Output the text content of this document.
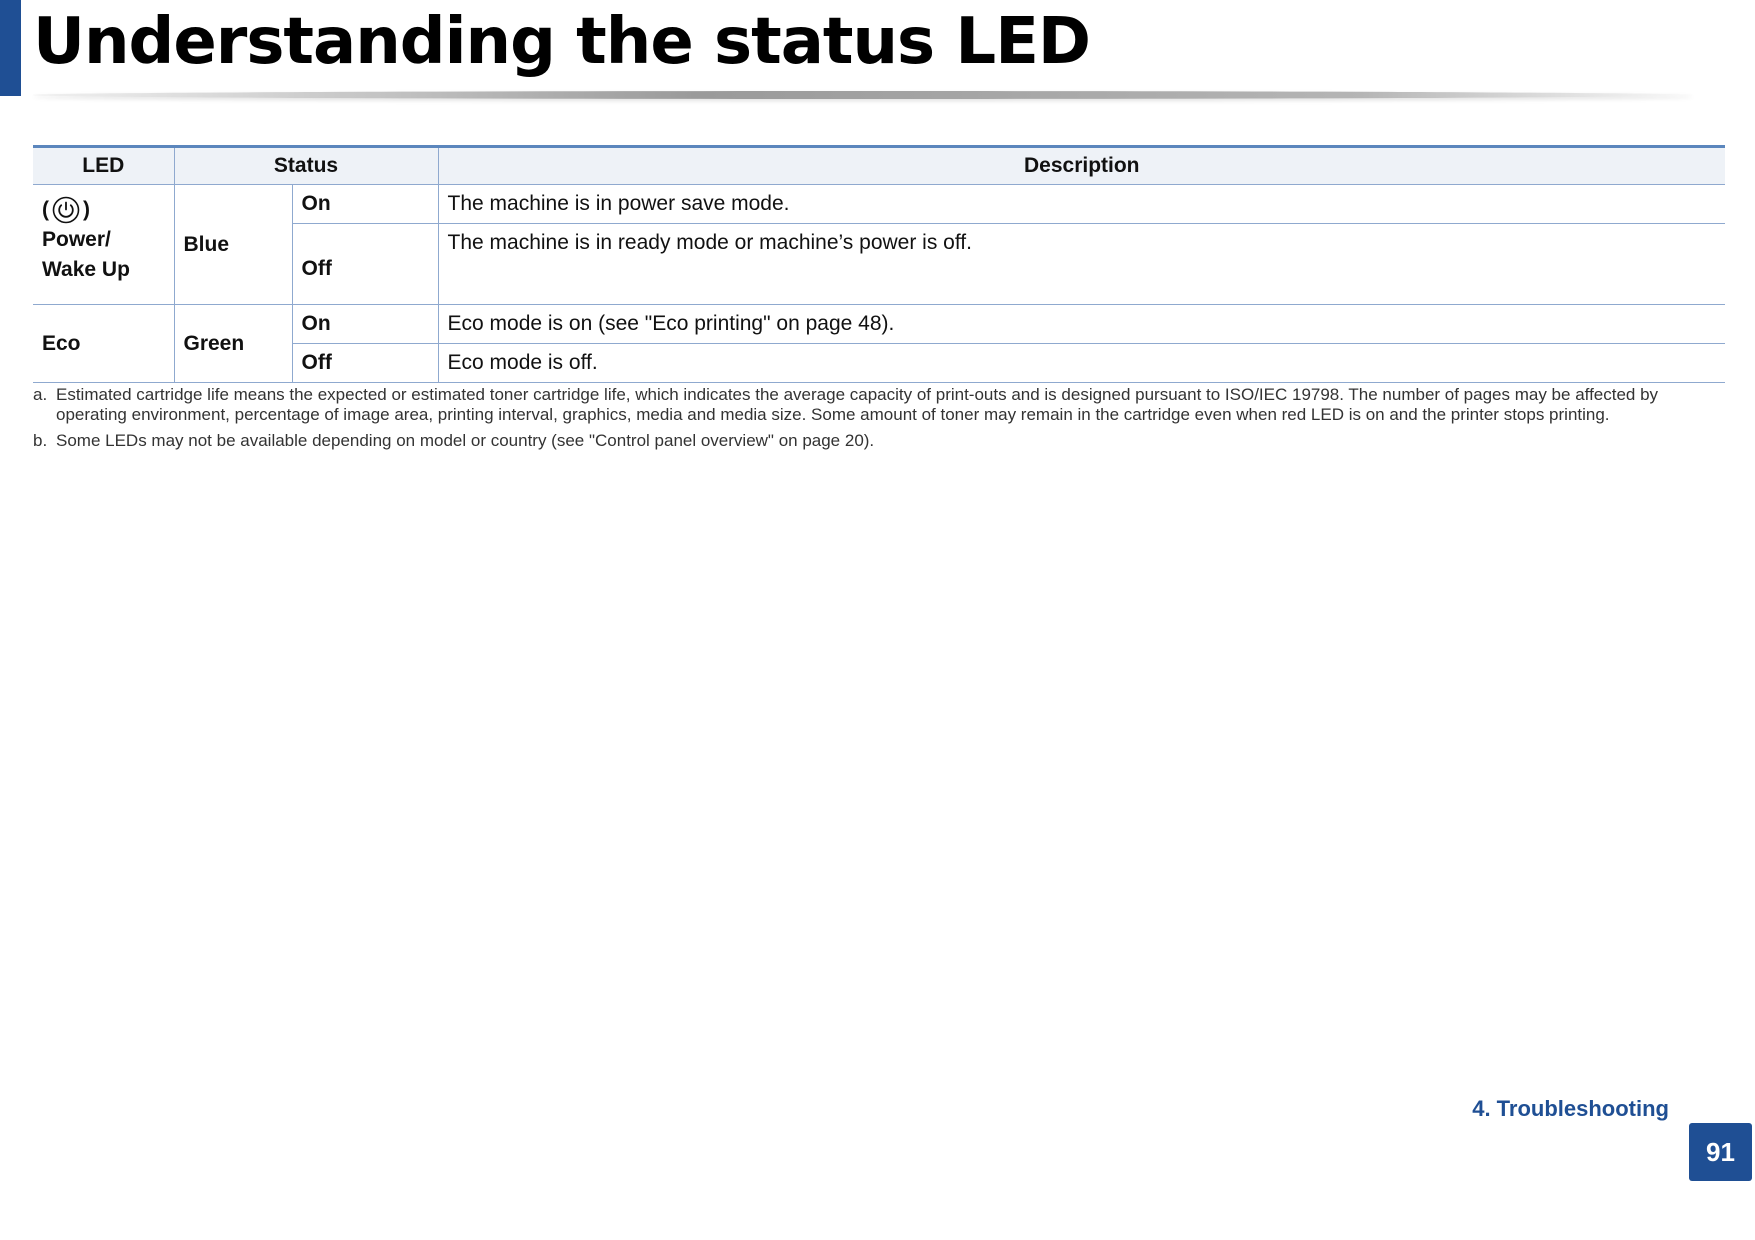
Understanding the status LED
LED	Status		Description

( )
Power/
Wake Up	Blue	On	The machine is in power save mode.
		Off	The machine is in ready mode or machine’s power is off.
Eco	Green	On	Eco mode is on (see "Eco printing" on page 48).
		Off	Eco mode is off.
a. Estimated cartridge life means the expected or estimated toner cartridge life, which indicates the average capacity of print-outs and is designed pursuant to ISO/IEC 19798. The number of pages may be affected by operating environment, percentage of image area, printing interval, graphics, media and media size. Some amount of toner may remain in the cartridge even when red LED is on and the printer stops printing.
b. Some LEDs may not be available depending on model or country (see "Control panel overview" on page 20).
4. Troubleshooting
91
